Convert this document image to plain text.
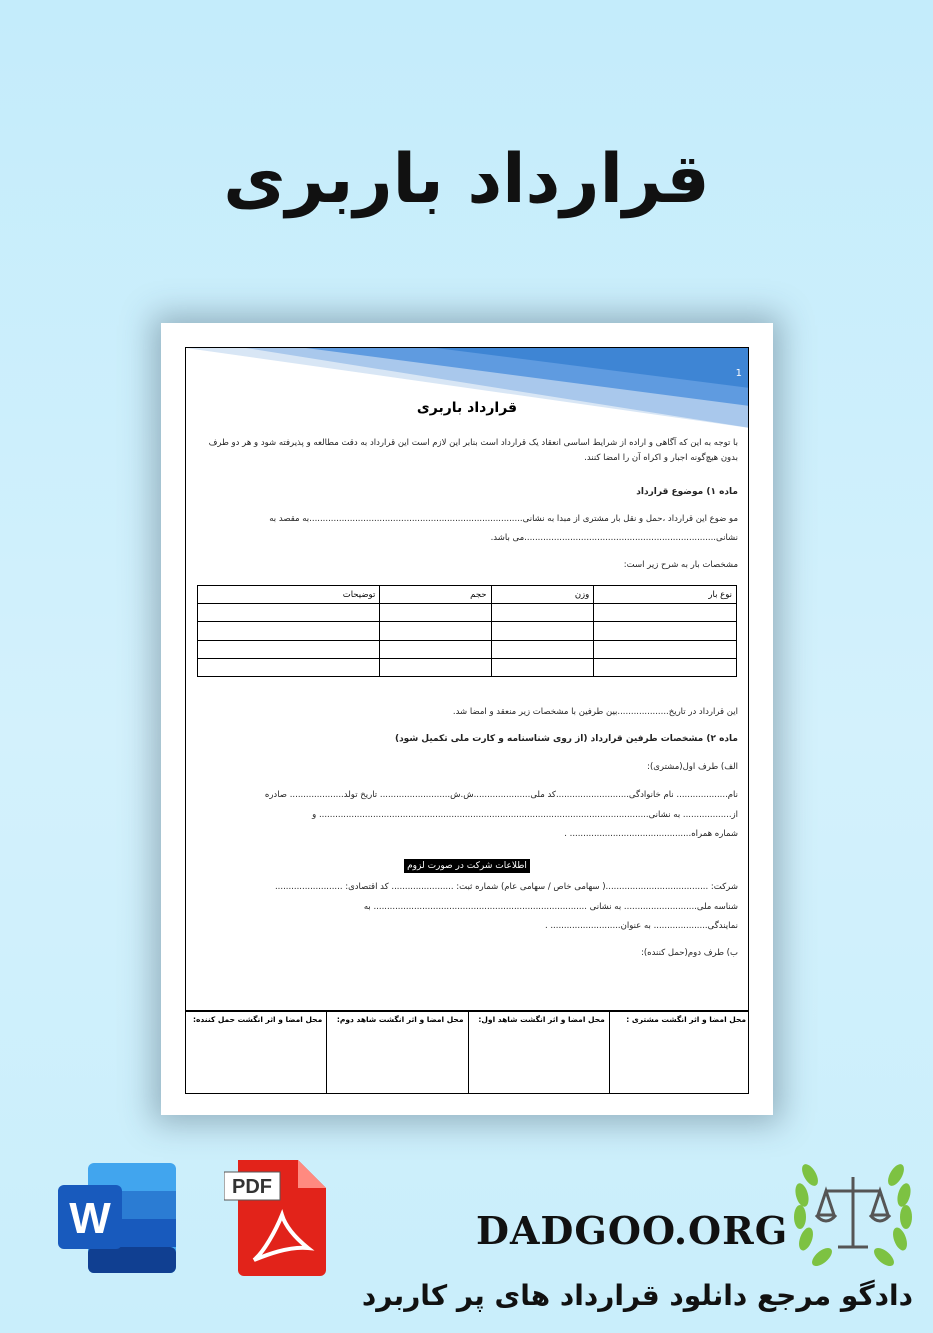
قرارداد باربری
1
قرارداد باربری
با توجه به این که آگاهی و اراده از شرایط اساسی انعقاد یک قرارداد است بنابر این لازم است این قرارداد به دقت مطالعه و پذیرفته شود و هر دو طرف بدون هیچ‌گونه اجبار و اکراه آن را امضا کنند.
ماده ۱) موضوع قرارداد
مو ضوع این قرارداد ،حمل و نقل بار مشتری از مبدا به نشانی...............................................................................به مقصد به
نشانی.......................................................................می باشد.
مشخصات بار به شرح زیر است:
نوع بار	وزن	حجم	توضیحات

این قرارداد در تاریخ...................بین طرفین با مشخصات زیر منعقد و امضا شد.
ماده ۲) مشخصات طرفین قرارداد (از روی شناسنامه و کارت ملی تکمیل شود)
الف) طرف اول(مشتری):
نام................... نام خانوادگی...........................کد ملی.....................ش.ش.......................... تاریخ تولد.................... صادره
از.................. به نشانی.......................................................................................................................... و
شماره همراه............................................. .
اطلاعات شرکت در صورت لزوم
شرکت: ......................................( سهامی خاص / سهامی عام) شماره ثبت: ....................... کد اقتصادی: .........................
شناسه ملی........................... به نشانی ............................................................................... به
نمایندگی.................... به عنوان.......................... .
ب) طرف دوم(حمل کننده):
محل امضا و اثر انگشت مشتری :
محل امضا و اثر انگشت شاهد اول:
محل امضا و اثر انگشت شاهد دوم:
محل امضا و اثر انگشت حمل کننده:
W
PDF
DADGOO.ORG
دادگو مرجع دانلود قرارداد های پر کاربرد
